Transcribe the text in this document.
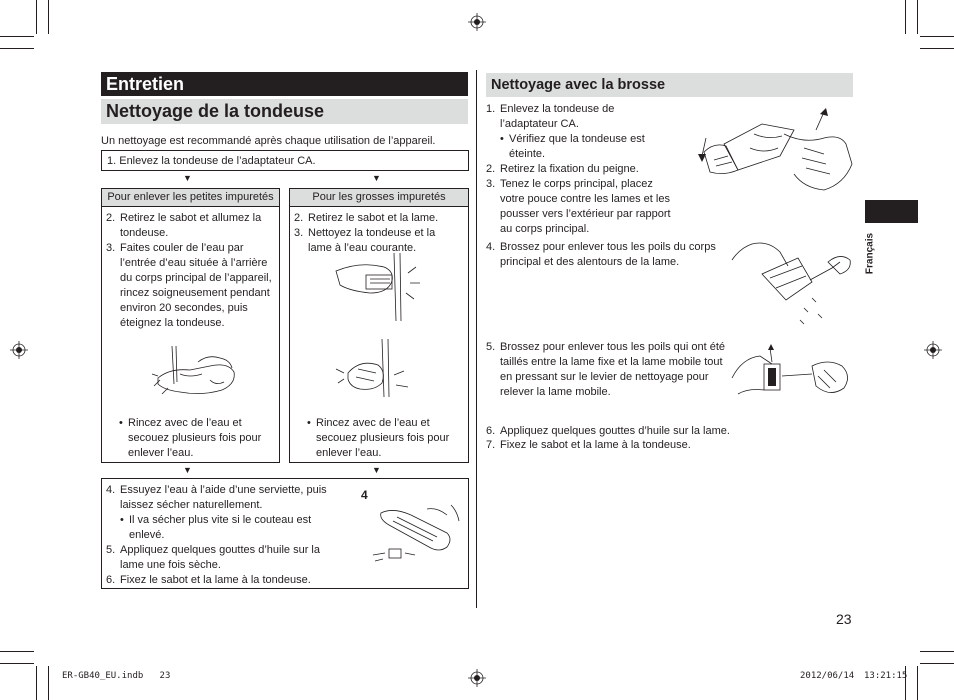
Entretien
Nettoyage de la tondeuse
Un nettoyage est recommandé après chaque utilisation de l’appareil.
1. Enlevez la tondeuse de l’adaptateur CA.
▼	▼
Pour enlever les petites impuretés
2. Retirez le sabot et allumez la tondeuse.
3. Faites couler de l’eau par l’entrée d’eau située à l’arrière du corps principal de l’appareil, rincez soigneusement pendant environ 20 secondes, puis éteignez la tondeuse.
• Rincez avec de l’eau et secouez plusieurs fois pour enlever l’eau.
Pour les grosses impuretés
2. Retirez le sabot et la lame.
3. Nettoyez la tondeuse et la lame à l’eau courante.
• Rincez avec de l’eau et secouez plusieurs fois pour enlever l’eau.
▼	▼
4. Essuyez l’eau à l’aide d’une serviette, puis laissez sécher naturellement.
• Il va sécher plus vite si le couteau est enlevé.
5. Appliquez quelques gouttes d’huile sur la lame une fois sèche.
6. Fixez le sabot et la lame à la tondeuse.
4
Nettoyage avec la brosse
1. Enlevez la tondeuse de l’adaptateur CA.
• Vérifiez que la tondeuse est éteinte.
2. Retirez la fixation du peigne.
3. Tenez le corps principal, placez votre pouce contre les lames et les pousser vers l’extérieur par rapport au corps principal.
4. Brossez pour enlever tous les poils du corps principal et des alentours de la lame.
5. Brossez pour enlever tous les poils qui ont été taillés entre la lame fixe et la lame mobile tout en pressant sur le levier de nettoyage pour relever la lame mobile.
6. Appliquez quelques gouttes d’huile sur la lame.
7. Fixez le sabot et la lame à la tondeuse.
Français
23
ER-GB40_EU.indb   23	2012/06/14 13:21:15
